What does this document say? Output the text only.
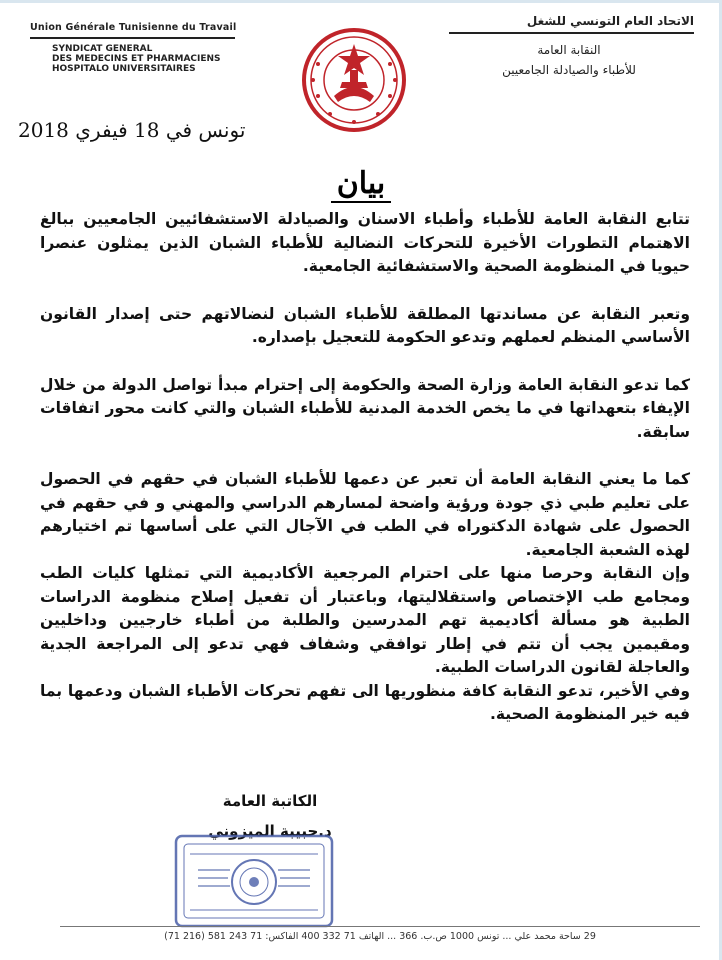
Union Générale Tunisienne du Travail
SYNDICAT GENERAL
DES MEDECINS ET PHARMACIENS
HOSPITALO UNIVERSITAIRES
الاتحاد العام التونسي للشغل
النقابة العامة
للأطباء والصيادلة الجامعيين
تونس في 18 فيفري 2018
بيان

تتابع النقابة العامة للأطباء وأطباء الاسنان والصيادلة الاستشفائيين الجامعيين ببالغ الاهتمام التطورات الأخيرة للتحركات النضالية للأطباء الشبان الذين يمثلون عنصرا حيويا في المنظومة الصحية والاستشفائية الجامعية.

وتعبر النقابة عن مساندتها المطلقة للأطباء الشبان لنضالاتهم حتى إصدار القانون الأساسي المنظم لعملهم وتدعو الحكومة للتعجيل بإصداره.

كما تدعو النقابة العامة وزارة الصحة والحكومة إلى إحترام مبدأ تواصل الدولة من خلال الإيفاء بتعهداتها في ما يخص الخدمة المدنية للأطباء الشبان والتي كانت محور اتفاقات سابقة.

كما ما يعني النقابة العامة أن تعبر عن دعمها للأطباء الشبان في حقهم في الحصول على تعليم طبي ذي جودة ورؤية واضحة لمسارهم الدراسي والمهني و في حقهم في الحصول على شهادة الدكتوراه في الطب في الآجال التي على أساسها تم اختيارهم لهذه الشعبة الجامعية.

وإن النقابة وحرصا منها على احترام المرجعية الأكاديمية التي تمثلها كليات الطب ومجامع طب الإختصاص واستقلاليتها، وباعتبار أن تفعيل إصلاح منظومة الدراسات الطبية هو مسألة أكاديمية تهم المدرسين والطلبة من أطباء خارجيين وداخليين ومقيمين يجب أن تتم في إطار توافقي وشفاف فهي تدعو إلى المراجعة الجدية والعاجلة لقانون الدراسات الطبية.

وفي الأخير، تدعو النقابة كافة منظوريها الى تفهم تحركات الأطباء الشبان ودعمها بما فيه خير المنظومة الصحية.

الكاتبة العامة
د.حبيبة الميزوني
29 ساحة محمد علي ... تونس 1000 ص.ب. 366 ... الهاتف 71 332 400 الفاكس: 71 243 581 (216 71)
